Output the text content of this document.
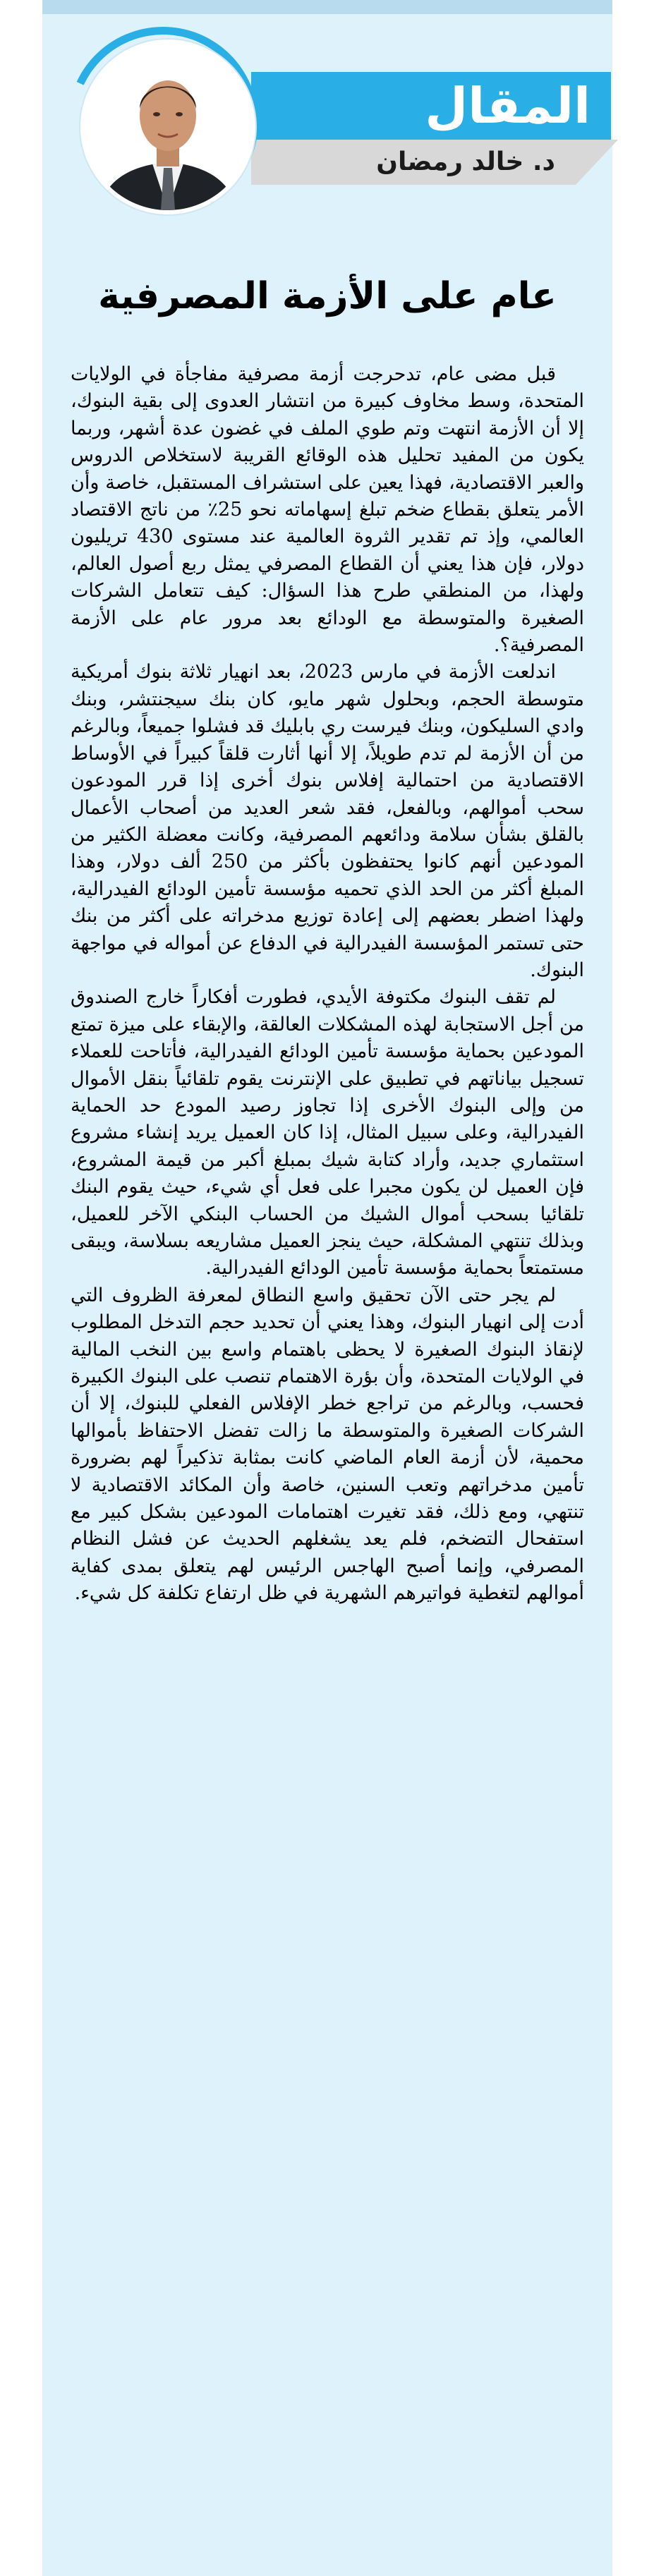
المقال
د. خالد رمضان
عام على الأزمة المصرفية

قبل مضى عام، تدحرجت أزمة مصرفية مفاجأة في الولايات المتحدة، وسط مخاوف كبيرة من انتشار العدوى إلى بقية البنوك، إلا أن الأزمة انتهت وتم طوي الملف في غضون عدة أشهر، وربما يكون من المفيد تحليل هذه الوقائع القريبة لاستخلاص الدروس والعبر الاقتصادية، فهذا يعين على استشراف المستقبل، خاصة وأن الأمر يتعلق بقطاع ضخم تبلغ إسهاماته نحو 25٪ من ناتج الاقتصاد العالمي، وإذ تم تقدير الثروة العالمية عند مستوى 430 تريليون دولار، فإن هذا يعني أن القطاع المصرفي يمثل ربع أصول العالم، ولهذا، من المنطقي طرح هذا السؤال: كيف تتعامل الشركات الصغيرة والمتوسطة مع الودائع بعد مرور عام على الأزمة المصرفية؟.

اندلعت الأزمة في مارس 2023، بعد انهيار ثلاثة بنوك أمريكية متوسطة الحجم، وبحلول شهر مايو، كان بنك سيجنتشر، وبنك وادي السليكون، وبنك فيرست ري بابليك قد فشلوا جميعاً، وبالرغم من أن الأزمة لم تدم طويلاً، إلا أنها أثارت قلقاً كبيراً في الأوساط الاقتصادية من احتمالية إفلاس بنوك أخرى إذا قرر المودعون سحب أموالهم، وبالفعل، فقد شعر العديد من أصحاب الأعمال بالقلق بشأن سلامة ودائعهم المصرفية، وكانت معضلة الكثير من المودعين أنهم كانوا يحتفظون بأكثر من 250 ألف دولار، وهذا المبلغ أكثر من الحد الذي تحميه مؤسسة تأمين الودائع الفيدرالية، ولهذا اضطر بعضهم إلى إعادة توزيع مدخراته على أكثر من بنك حتى تستمر المؤسسة الفيدرالية في الدفاع عن أمواله في مواجهة البنوك.

لم تقف البنوك مكتوفة الأيدي، فطورت أفكاراً خارج الصندوق من أجل الاستجابة لهذه المشكلات العالقة، والإبقاء على ميزة تمتع المودعين بحماية مؤسسة تأمين الودائع الفيدرالية، فأتاحت للعملاء تسجيل بياناتهم في تطبيق على الإنترنت يقوم تلقائياً بنقل الأموال من وإلى البنوك الأخرى إذا تجاوز رصيد المودع حد الحماية الفيدرالية، وعلى سبيل المثال، إذا كان العميل يريد إنشاء مشروع استثماري جديد، وأراد كتابة شيك بمبلغ أكبر من قيمة المشروع، فإن العميل لن يكون مجبرا على فعل أي شيء، حيث يقوم البنك تلقائيا بسحب أموال الشيك من الحساب البنكي الآخر للعميل، وبذلك تنتهي المشكلة، حيث ينجز العميل مشاريعه بسلاسة، ويبقى مستمتعاً بحماية مؤسسة تأمين الودائع الفيدرالية.

لم يجر حتى الآن تحقيق واسع النطاق لمعرفة الظروف التي أدت إلى انهيار البنوك، وهذا يعني أن تحديد حجم التدخل المطلوب لإنقاذ البنوك الصغيرة لا يحظى باهتمام واسع بين النخب المالية في الولايات المتحدة، وأن بؤرة الاهتمام تنصب على البنوك الكبيرة فحسب، وبالرغم من تراجع خطر الإفلاس الفعلي للبنوك، إلا أن الشركات الصغيرة والمتوسطة ما زالت تفضل الاحتفاظ بأموالها محمية، لأن أزمة العام الماضي كانت بمثابة تذكيراً لهم بضرورة تأمين مدخراتهم وتعب السنين، خاصة وأن المكائد الاقتصادية لا تنتهي، ومع ذلك، فقد تغيرت اهتمامات المودعين بشكل كبير مع استفحال التضخم، فلم يعد يشغلهم الحديث عن فشل النظام المصرفي، وإنما أصبح الهاجس الرئيس لهم يتعلق بمدى كفاية أموالهم لتغطية فواتيرهم الشهرية في ظل ارتفاع تكلفة كل شيء.
